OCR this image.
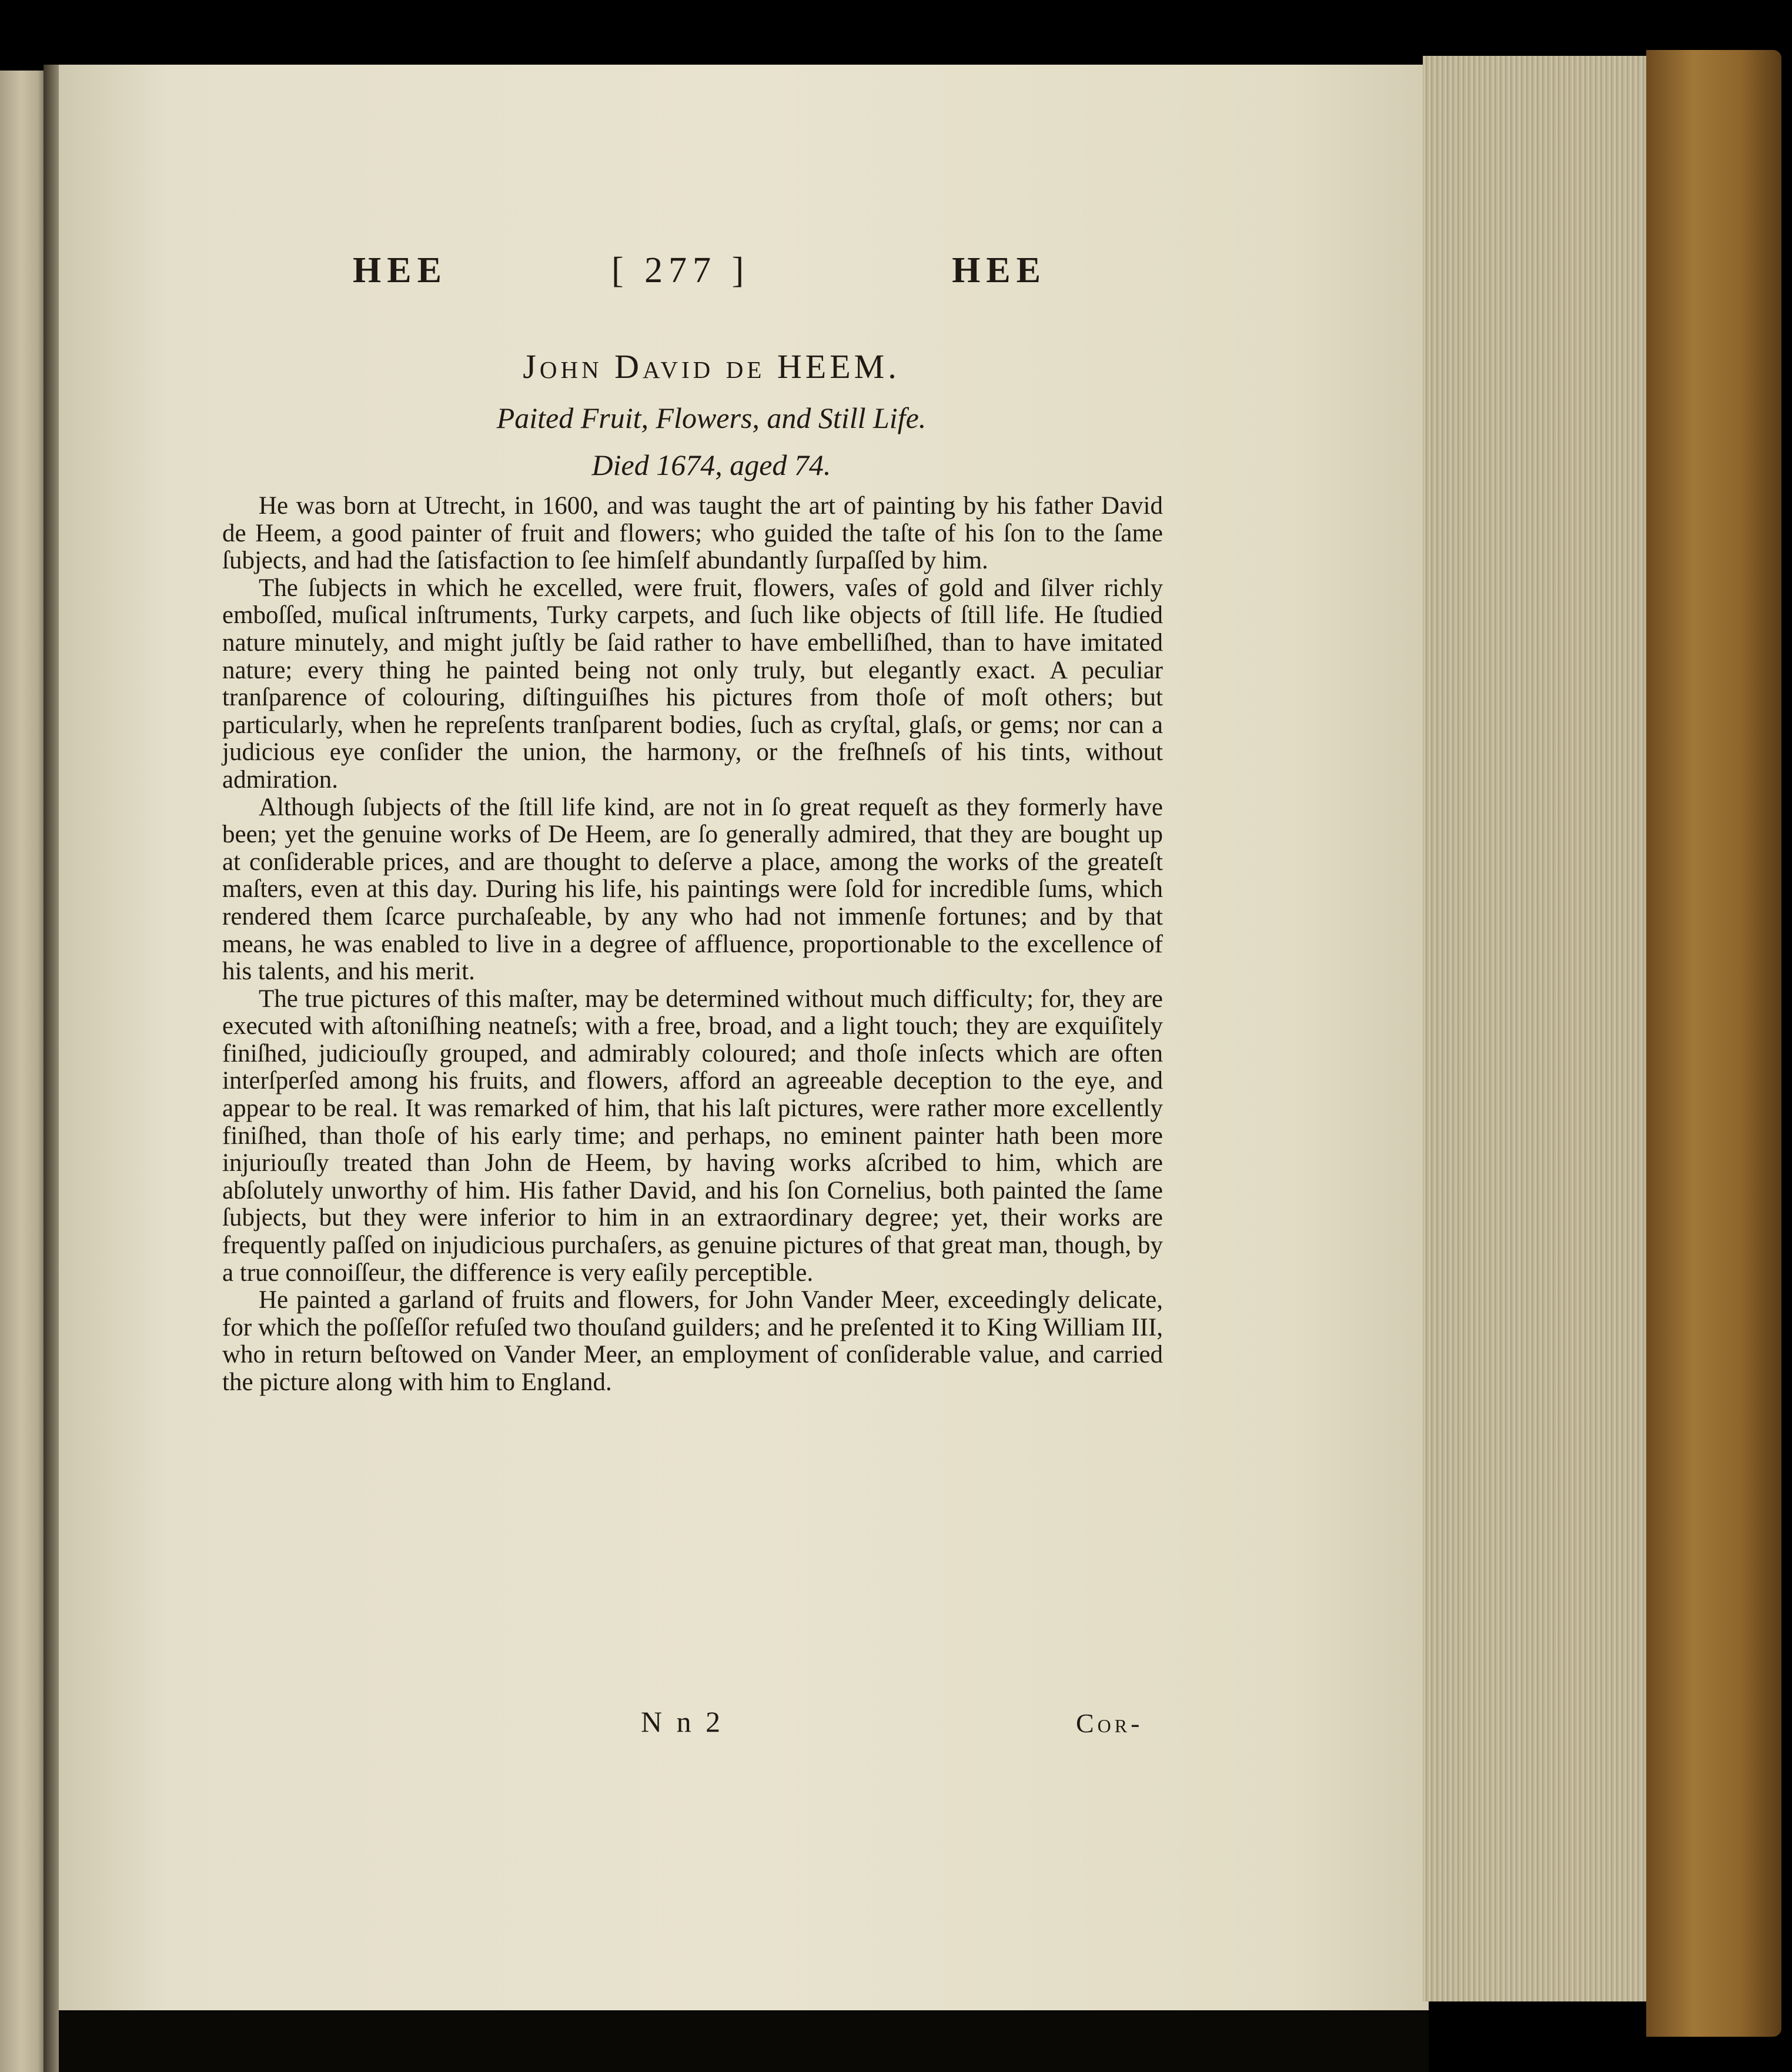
HEE	[ 277 ]	HEE
John David de HEEM.
Paited Fruit, Flowers, and Still Life.
Died 1674, aged 74.

He was born at Utrecht, in 1600, and was taught the art of painting by his father David de Heem, a good painter of fruit and flowers; who guided the taſte of his ſon to the ſame ſubjects, and had the ſatisfaction to ſee himſelf abundantly ſurpaſſed by him.

The ſubjects in which he excelled, were fruit, flowers, vaſes of gold and ſilver richly emboſſed, muſical inſtruments, Turky carpets, and ſuch like objects of ſtill life. He ſtudied nature minutely, and might juſtly be ſaid rather to have embelliſhed, than to have imitated nature; every thing he painted being not only truly, but elegantly exact. A peculiar tranſparence of colouring, diſtinguiſhes his pictures from thoſe of moſt others; but particularly, when he repreſents tranſparent bodies, ſuch as cryſtal, glaſs, or gems; nor can a judicious eye conſider the union, the harmony, or the freſhneſs of his tints, without admiration.

Although ſubjects of the ſtill life kind, are not in ſo great requeſt as they formerly have been; yet the genuine works of De Heem, are ſo generally admired, that they are bought up at conſiderable prices, and are thought to deſerve a place, among the works of the greateſt maſters, even at this day. During his life, his paintings were ſold for incredible ſums, which rendered them ſcarce purchaſeable, by any who had not immenſe fortunes; and by that means, he was enabled to live in a degree of affluence, proportionable to the excellence of his talents, and his merit.

The true pictures of this maſter, may be determined without much difficulty; for, they are executed with aſtoniſhing neatneſs; with a free, broad, and a light touch; they are exquiſitely finiſhed, judiciouſly grouped, and admirably coloured; and thoſe inſects which are often interſperſed among his fruits, and flowers, afford an agreeable deception to the eye, and appear to be real. It was remarked of him, that his laſt pictures, were rather more excellently finiſhed, than thoſe of his early time; and perhaps, no eminent painter hath been more injuriouſly treated than John de Heem, by having works aſcribed to him, which are abſolutely unworthy of him. His father David, and his ſon Cornelius, both painted the ſame ſubjects, but they were inferior to him in an extraordinary degree; yet, their works are frequently paſſed on injudicious purchaſers, as genuine pictures of that great man, though, by a true connoiſſeur, the difference is very eaſily perceptible.

He painted a garland of fruits and flowers, for John Vander Meer, exceedingly delicate, for which the poſſeſſor refuſed two thouſand guilders; and he preſented it to King William III, who in return beſtowed on Vander Meer, an employment of conſiderable value, and carried the picture along with him to England.

N n 2	Cor-
